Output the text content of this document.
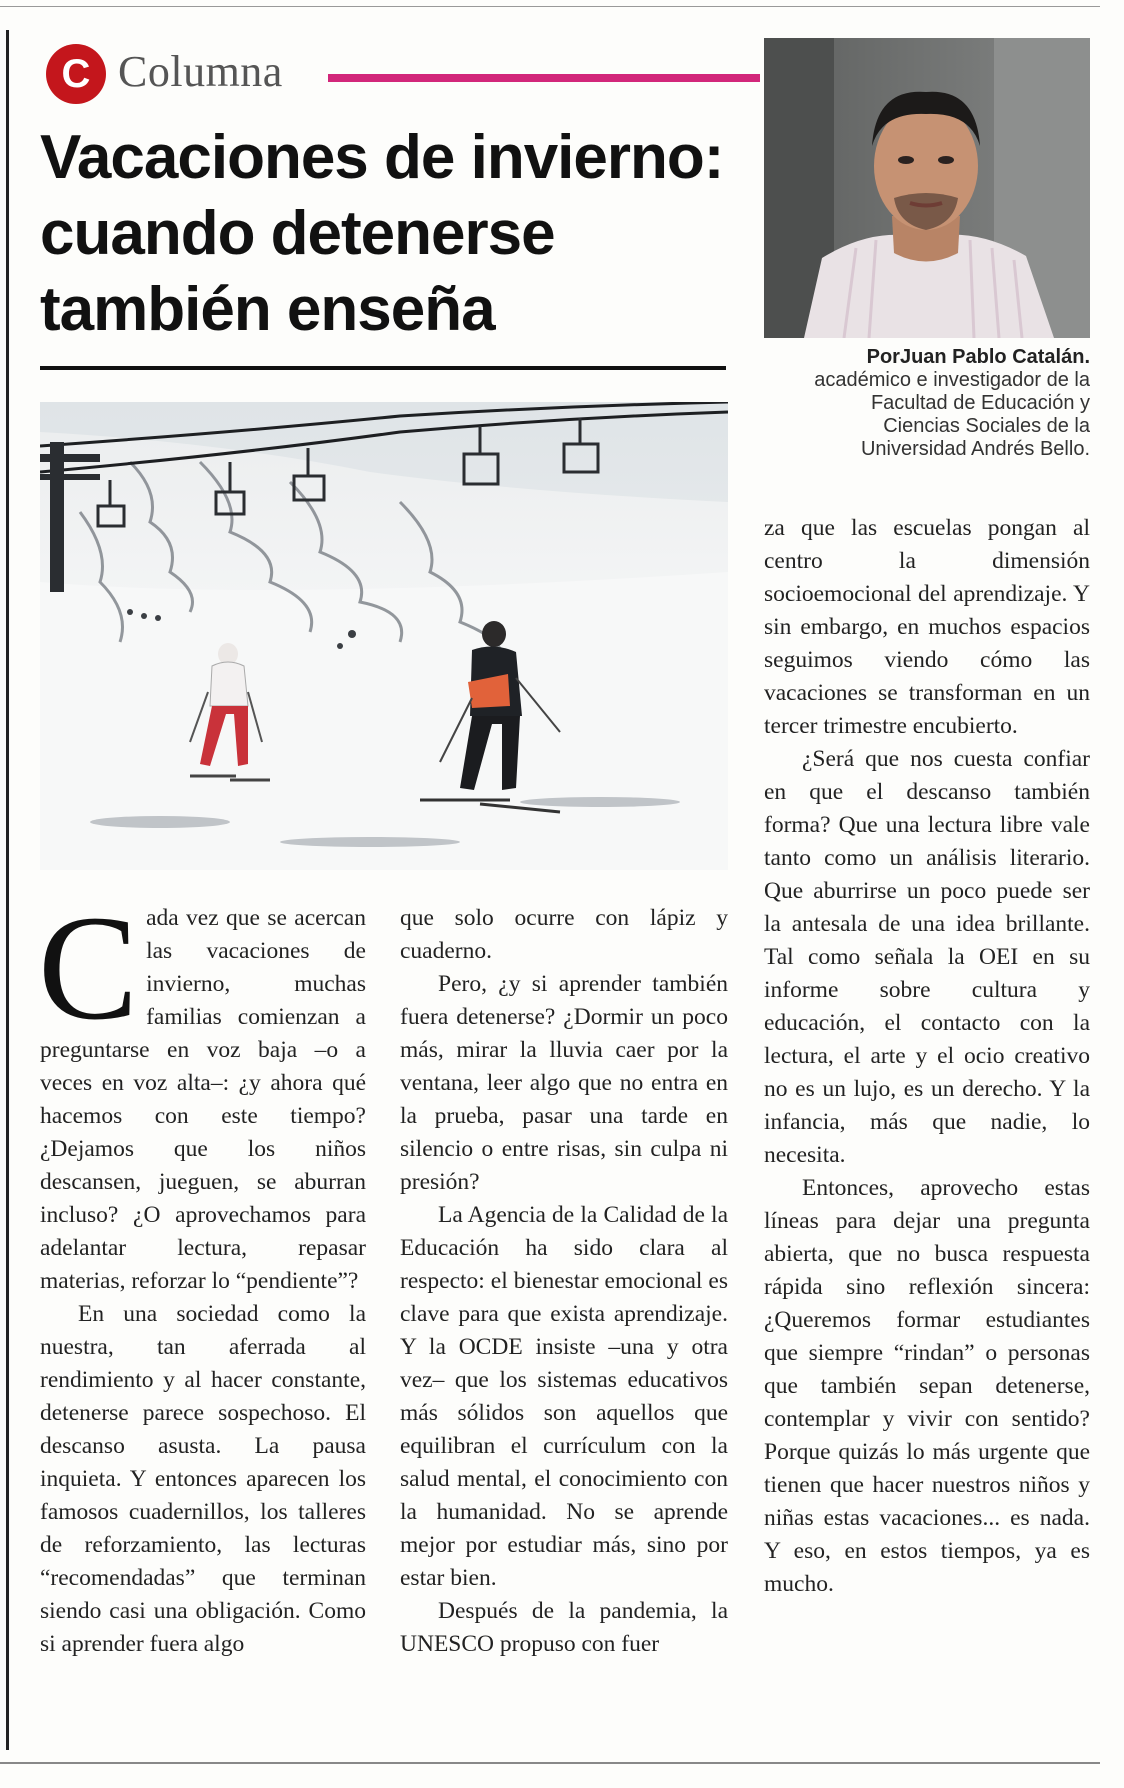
C Columna
Vacaciones de invierno:
cuando detenerse
también enseña
PorJuan Pablo Catalán.
académico e investigador de la
Facultad de Educación y
Ciencias Sociales de la
Universidad Andrés Bello.
C ada vez que se acercan las vacaciones de invierno, muchas familias comienzan a preguntarse en voz baja –o a veces en voz alta–: ¿y ahora qué hacemos con este tiempo? ¿Dejamos que los niños descansen, jueguen, se aburran incluso? ¿O aprovechamos para adelantar lectura, repasar materias, reforzar lo “pendiente”?

En una sociedad como la nuestra, tan aferrada al rendimiento y al hacer constante, detenerse parece sospechoso. El descanso asusta. La pausa inquieta. Y entonces aparecen los famosos cuadernillos, los talleres de reforzamiento, las lecturas “recomendadas” que terminan siendo casi una obligación. Como si aprender fuera algo

que solo ocurre con lápiz y cuaderno.

Pero, ¿y si aprender también fuera detenerse? ¿Dormir un poco más, mirar la lluvia caer por la ventana, leer algo que no entra en la prueba, pasar una tarde en silencio o entre risas, sin culpa ni presión?

La Agencia de la Calidad de la Educación ha sido clara al respecto: el bienestar emocional es clave para que exista aprendizaje. Y la OCDE insiste –una y otra vez– que los sistemas educativos más sólidos son aquellos que equilibran el currículum con la salud mental, el conocimiento con la humanidad. No se aprende mejor por estudiar más, sino por estar bien.

Después de la pandemia, la UNESCO propuso con fuer

za que las escuelas pongan al centro la dimensión socioemocional del aprendizaje. Y sin embargo, en muchos espacios seguimos viendo cómo las vacaciones se transforman en un tercer trimestre encubierto.

¿Será que nos cuesta confiar en que el descanso también forma? Que una lectura libre vale tanto como un análisis literario. Que aburrirse un poco puede ser la antesala de una idea brillante. Tal como señala la OEI en su informe sobre cultura y educación, el contacto con la lectura, el arte y el ocio creativo no es un lujo, es un derecho. Y la infancia, más que nadie, lo necesita.

Entonces, aprovecho estas líneas para dejar una pregunta abierta, que no busca respuesta rápida sino reflexión sincera: ¿Queremos formar estudiantes que siempre “rindan” o personas que también sepan detenerse, contemplar y vivir con sentido? Porque quizás lo más urgente que tienen que hacer nuestros niños y niñas estas vacaciones... es nada. Y eso, en estos tiempos, ya es mucho.
